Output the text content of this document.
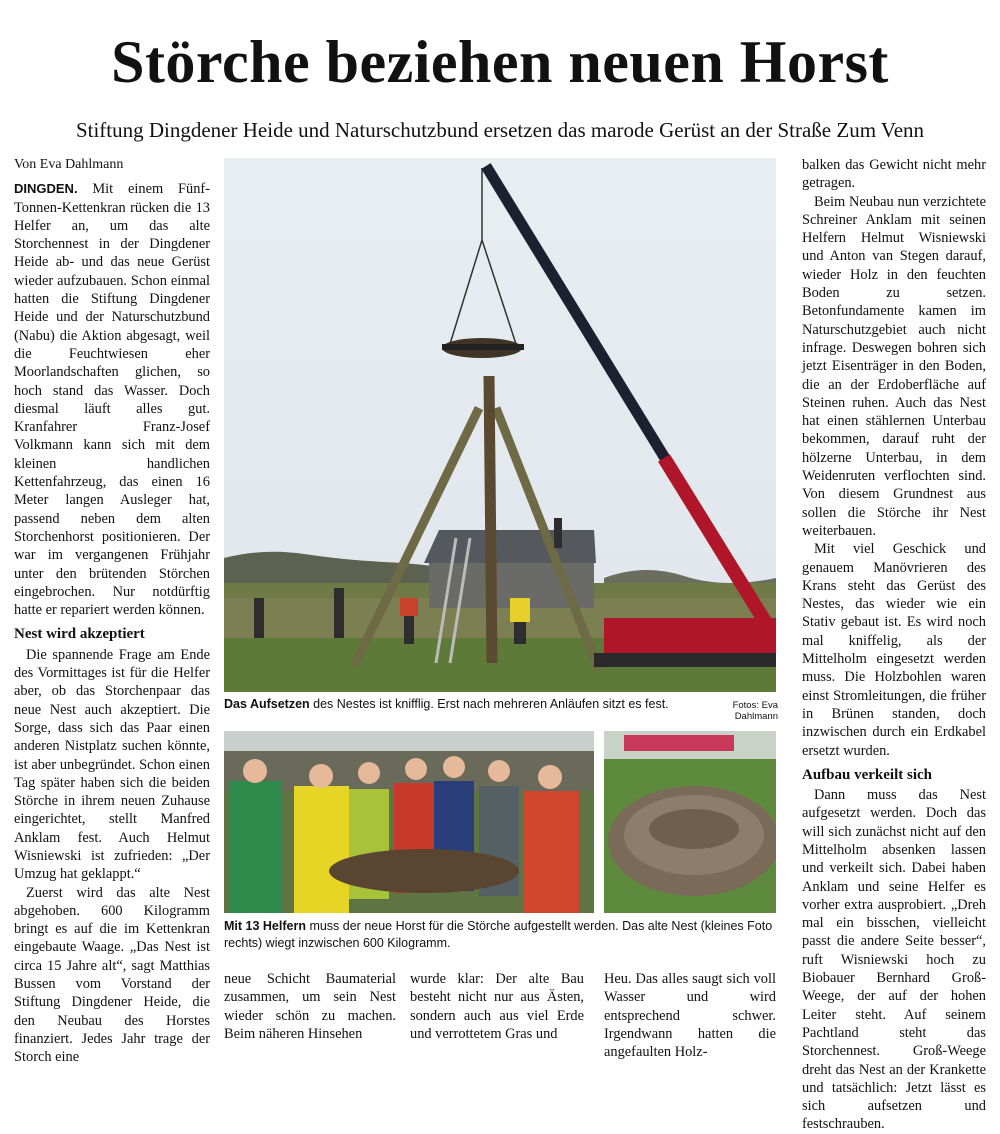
Störche beziehen neuen Horst
Stiftung Dingdener Heide und Naturschutzbund ersetzen das marode Gerüst an der Straße Zum Venn

Von Eva Dahlmann

DINGDEN. Mit einem Fünf-Tonnen-Kettenkran rücken die 13 Helfer an, um das alte Storchennest in der Dingdener Heide ab- und das neue Gerüst wieder aufzubauen. Schon einmal hatten die Stiftung Dingdener Heide und der Naturschutzbund (Nabu) die Aktion abgesagt, weil die Feuchtwiesen eher Moorlandschaften glichen, so hoch stand das Wasser. Doch diesmal läuft alles gut. Kranfahrer Franz-Josef Volkmann kann sich mit dem kleinen handlichen Kettenfahrzeug, das einen 16 Meter langen Ausleger hat, passend neben dem alten Storchenhorst positionieren. Der war im vergangenen Frühjahr unter den brütenden Störchen eingebrochen. Nur notdürftig hatte er repariert werden können.

Nest wird akzeptiert

Die spannende Frage am Ende des Vormittages ist für die Helfer aber, ob das Storchenpaar das neue Nest auch akzeptiert. Die Sorge, dass sich das Paar einen anderen Nistplatz suchen könnte, ist aber unbegründet. Schon einen Tag später haben sich die beiden Störche in ihrem neuen Zuhause eingerichtet, stellt Manfred Anklam fest. Auch Helmut Wisniewski ist zufrieden: „Der Umzug hat geklappt.“

Zuerst wird das alte Nest abgehoben. 600 Kilogramm bringt es auf die im Kettenkran eingebaute Waage. „Das Nest ist circa 15 Jahre alt“, sagt Matthias Bussen vom Vorstand der Stiftung Dingdener Heide, die den Neubau des Horstes finanziert. Jedes Jahr trage der Storch eine

Das Aufsetzen des Nestes ist knifflig. Erst nach mehreren Anläufen sitzt es fest.	Fotos: Eva Dahlmann
Mit 13 Helfern muss der neue Horst für die Störche aufgestellt werden. Das alte Nest (kleines Foto rechts) wiegt inzwischen 600 Kilogramm.

neue Schicht Baumaterial zusammen, um sein Nest wieder schön zu machen. Beim näheren Hinsehen

wurde klar: Der alte Bau besteht nicht nur aus Ästen, sondern auch aus viel Erde und verrottetem Gras und

Heu. Das alles saugt sich voll Wasser und wird entsprechend schwer. Irgendwann hatten die angefaulten Holz-

balken das Gewicht nicht mehr getragen.

Beim Neubau nun verzichtete Schreiner Anklam mit seinen Helfern Helmut Wisniewski und Anton van Stegen darauf, wieder Holz in den feuchten Boden zu setzen. Betonfundamente kamen im Naturschutzgebiet auch nicht infrage. Deswegen bohren sich jetzt Eisenträger in den Boden, die an der Erdoberfläche auf Steinen ruhen. Auch das Nest hat einen stählernen Unterbau bekommen, darauf ruht der hölzerne Unterbau, in dem Weidenruten verflochten sind. Von diesem Grundnest aus sollen die Störche ihr Nest weiterbauen.

Mit viel Geschick und genauem Manövrieren des Krans steht das Gerüst des Nestes, das wieder wie ein Stativ gebaut ist. Es wird noch mal kniffelig, als der Mittelholm eingesetzt werden muss. Die Holzbohlen waren einst Stromleitungen, die früher in Brünen standen, doch inzwischen durch ein Erdkabel ersetzt wurden.

Aufbau verkeilt sich

Dann muss das Nest aufgesetzt werden. Doch das will sich zunächst nicht auf den Mittelholm absenken lassen und verkeilt sich. Dabei haben Anklam und seine Helfer es vorher extra ausprobiert. „Dreh mal ein bisschen, vielleicht passt die andere Seite besser“, ruft Wisniewski hoch zu Biobauer Bernhard Groß-Weege, der auf der hohen Leiter steht. Auf seinem Pachtland steht das Storchennest. Groß-Weege dreht das Nest an der Krankette und tatsächlich: Jetzt lässt es sich aufsetzen und festschrauben.
